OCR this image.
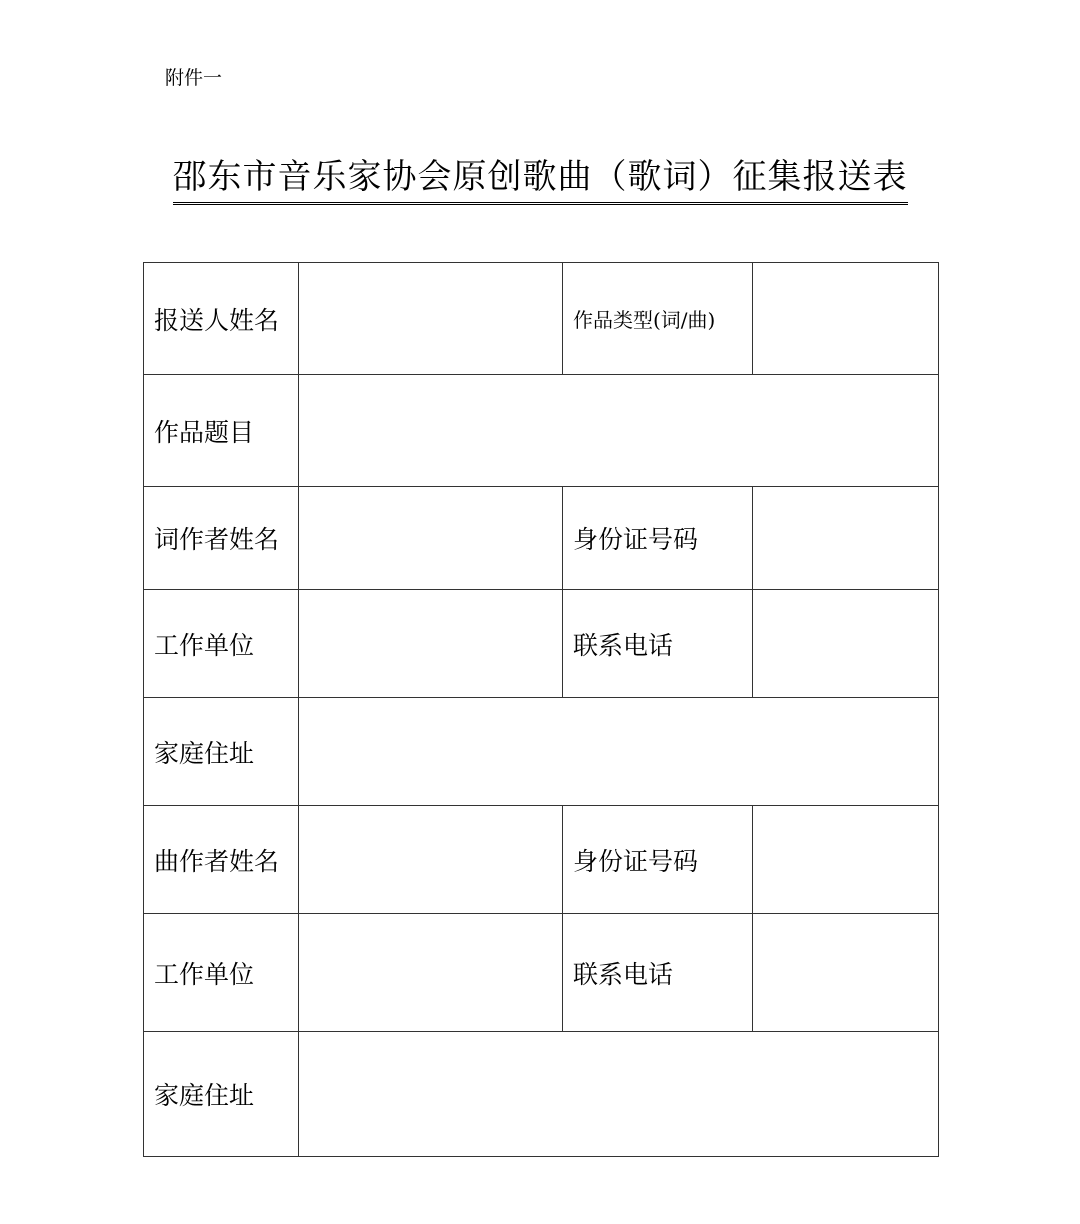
附件一
邵东市音乐家协会原创歌曲（歌词）征集报送表
报送人姓名		作品类型(词/曲)	
作品题目			
词作者姓名		身份证号码	
工作单位		联系电话	
家庭住址			
曲作者姓名		身份证号码	
工作单位		联系电话	
家庭住址			
